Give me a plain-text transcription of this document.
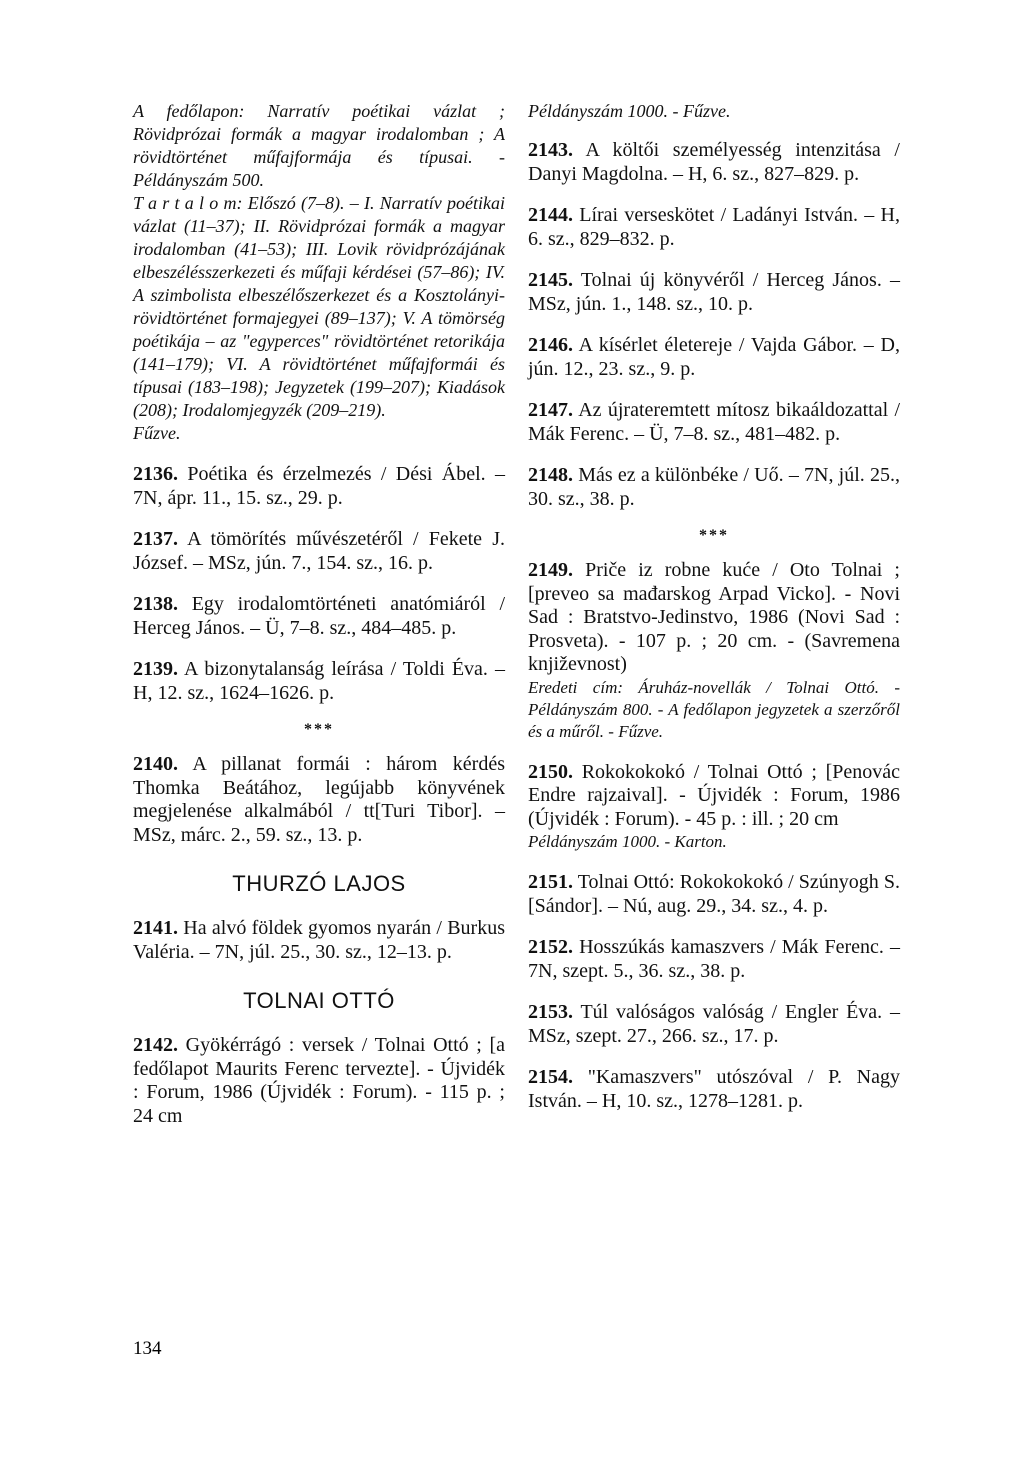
A fedőlapon: Narratív poétikai vázlat ; Rövidprózai formák a magyar irodalomban ; A rövidtörténet műfajformája és típusai. - Példányszám 500.

T a r t a l o m: Előszó (7–8). – I. Narratív poétikai vázlat (11–37); II. Rövidprózai formák a magyar irodalomban (41–53); III. Lovik rövidprózájának elbeszélésszerkezeti és műfaji kérdései (57–86); IV. A szimbolista elbeszélőszerkezet és a Kosztolányi-rövidtörténet formajegyei (89–137); V. A tömörség poétikája – az "egyperces" rövidtörténet retorikája (141–179); VI. A rövidtörténet műfajformái és típusai (183–198); Jegyzetek (199–207); Kiadások (208); Irodalomjegyzék (209–219).

Fűzve.

2136. Poétika és érzelmezés / Dési Ábel. – 7N, ápr. 11., 15. sz., 29. p.
2137. A tömörítés művészetéről / Fekete J. József. – MSz, jún. 7., 154. sz., 16. p.
2138. Egy irodalomtörténeti anatómiáról / Herceg János. – Ü, 7–8. sz., 484–485. p.
2139. A bizonytalanság leírása / Toldi Éva. – H, 12. sz., 1624–1626. p.
***
2140. A pillanat formái : három kérdés Thomka Beátához, legújabb könyvének megjelenése alkalmából / tt[Turi Tibor]. – MSz, márc. 2., 59. sz., 13. p.
THURZÓ LAJOS
2141. Ha alvó földek gyomos nyarán / Burkus Valéria. – 7N, júl. 25., 30. sz., 12–13. p.
TOLNAI OTTÓ
2142. Gyökérrágó : versek / Tolnai Ottó ; [a fedőlapot Maurits Ferenc tervezte]. - Újvidék : Forum, 1986 (Újvidék : Forum). - 115 p. ; 24 cm
Példányszám 1000. - Fűzve.
2143. A költői személyesség intenzitása / Danyi Magdolna. – H, 6. sz., 827–829. p.
2144. Lírai verseskötet / Ladányi István. – H, 6. sz., 829–832. p.
2145. Tolnai új könyvéről / Herceg János. – MSz, jún. 1., 148. sz., 10. p.
2146. A kísérlet életereje / Vajda Gábor. – D, jún. 12., 23. sz., 9. p.
2147. Az újrateremtett mítosz bikaáldozattal / Mák Ferenc. – Ü, 7–8. sz., 481–482. p.
2148. Más ez a különbéke / Uő. – 7N, júl. 25., 30. sz., 38. p.
***
2149. Priče iz robne kuće / Oto Tolnai ; [preveo sa mađarskog Arpad Vicko]. - Novi Sad : Bratstvo-Jedinstvo, 1986 (Novi Sad : Prosveta). - 107 p. ; 20 cm. - (Savremena književnost)
Eredeti cím: Áruház-novellák / Tolnai Ottó. - Példányszám 800. - A fedőlapon jegyzetek a szerzőről és a műről. - Fűzve.
2150. Rokokokokó / Tolnai Ottó ; [Penovác Endre rajzaival]. - Újvidék : Forum, 1986 (Újvidék : Forum). - 45 p. : ill. ; 20 cm
Példányszám 1000. - Karton.
2151. Tolnai Ottó: Rokokokokó / Szúnyogh S.[Sándor]. – Nú, aug. 29., 34. sz., 4. p.
2152. Hosszúkás kamaszvers / Mák Ferenc. – 7N, szept. 5., 36. sz., 38. p.
2153. Túl valóságos valóság / Engler Éva. – MSz, szept. 27., 266. sz., 17. p.
2154. "Kamaszvers" utószóval / P. Nagy István. – H, 10. sz., 1278–1281. p.
134
